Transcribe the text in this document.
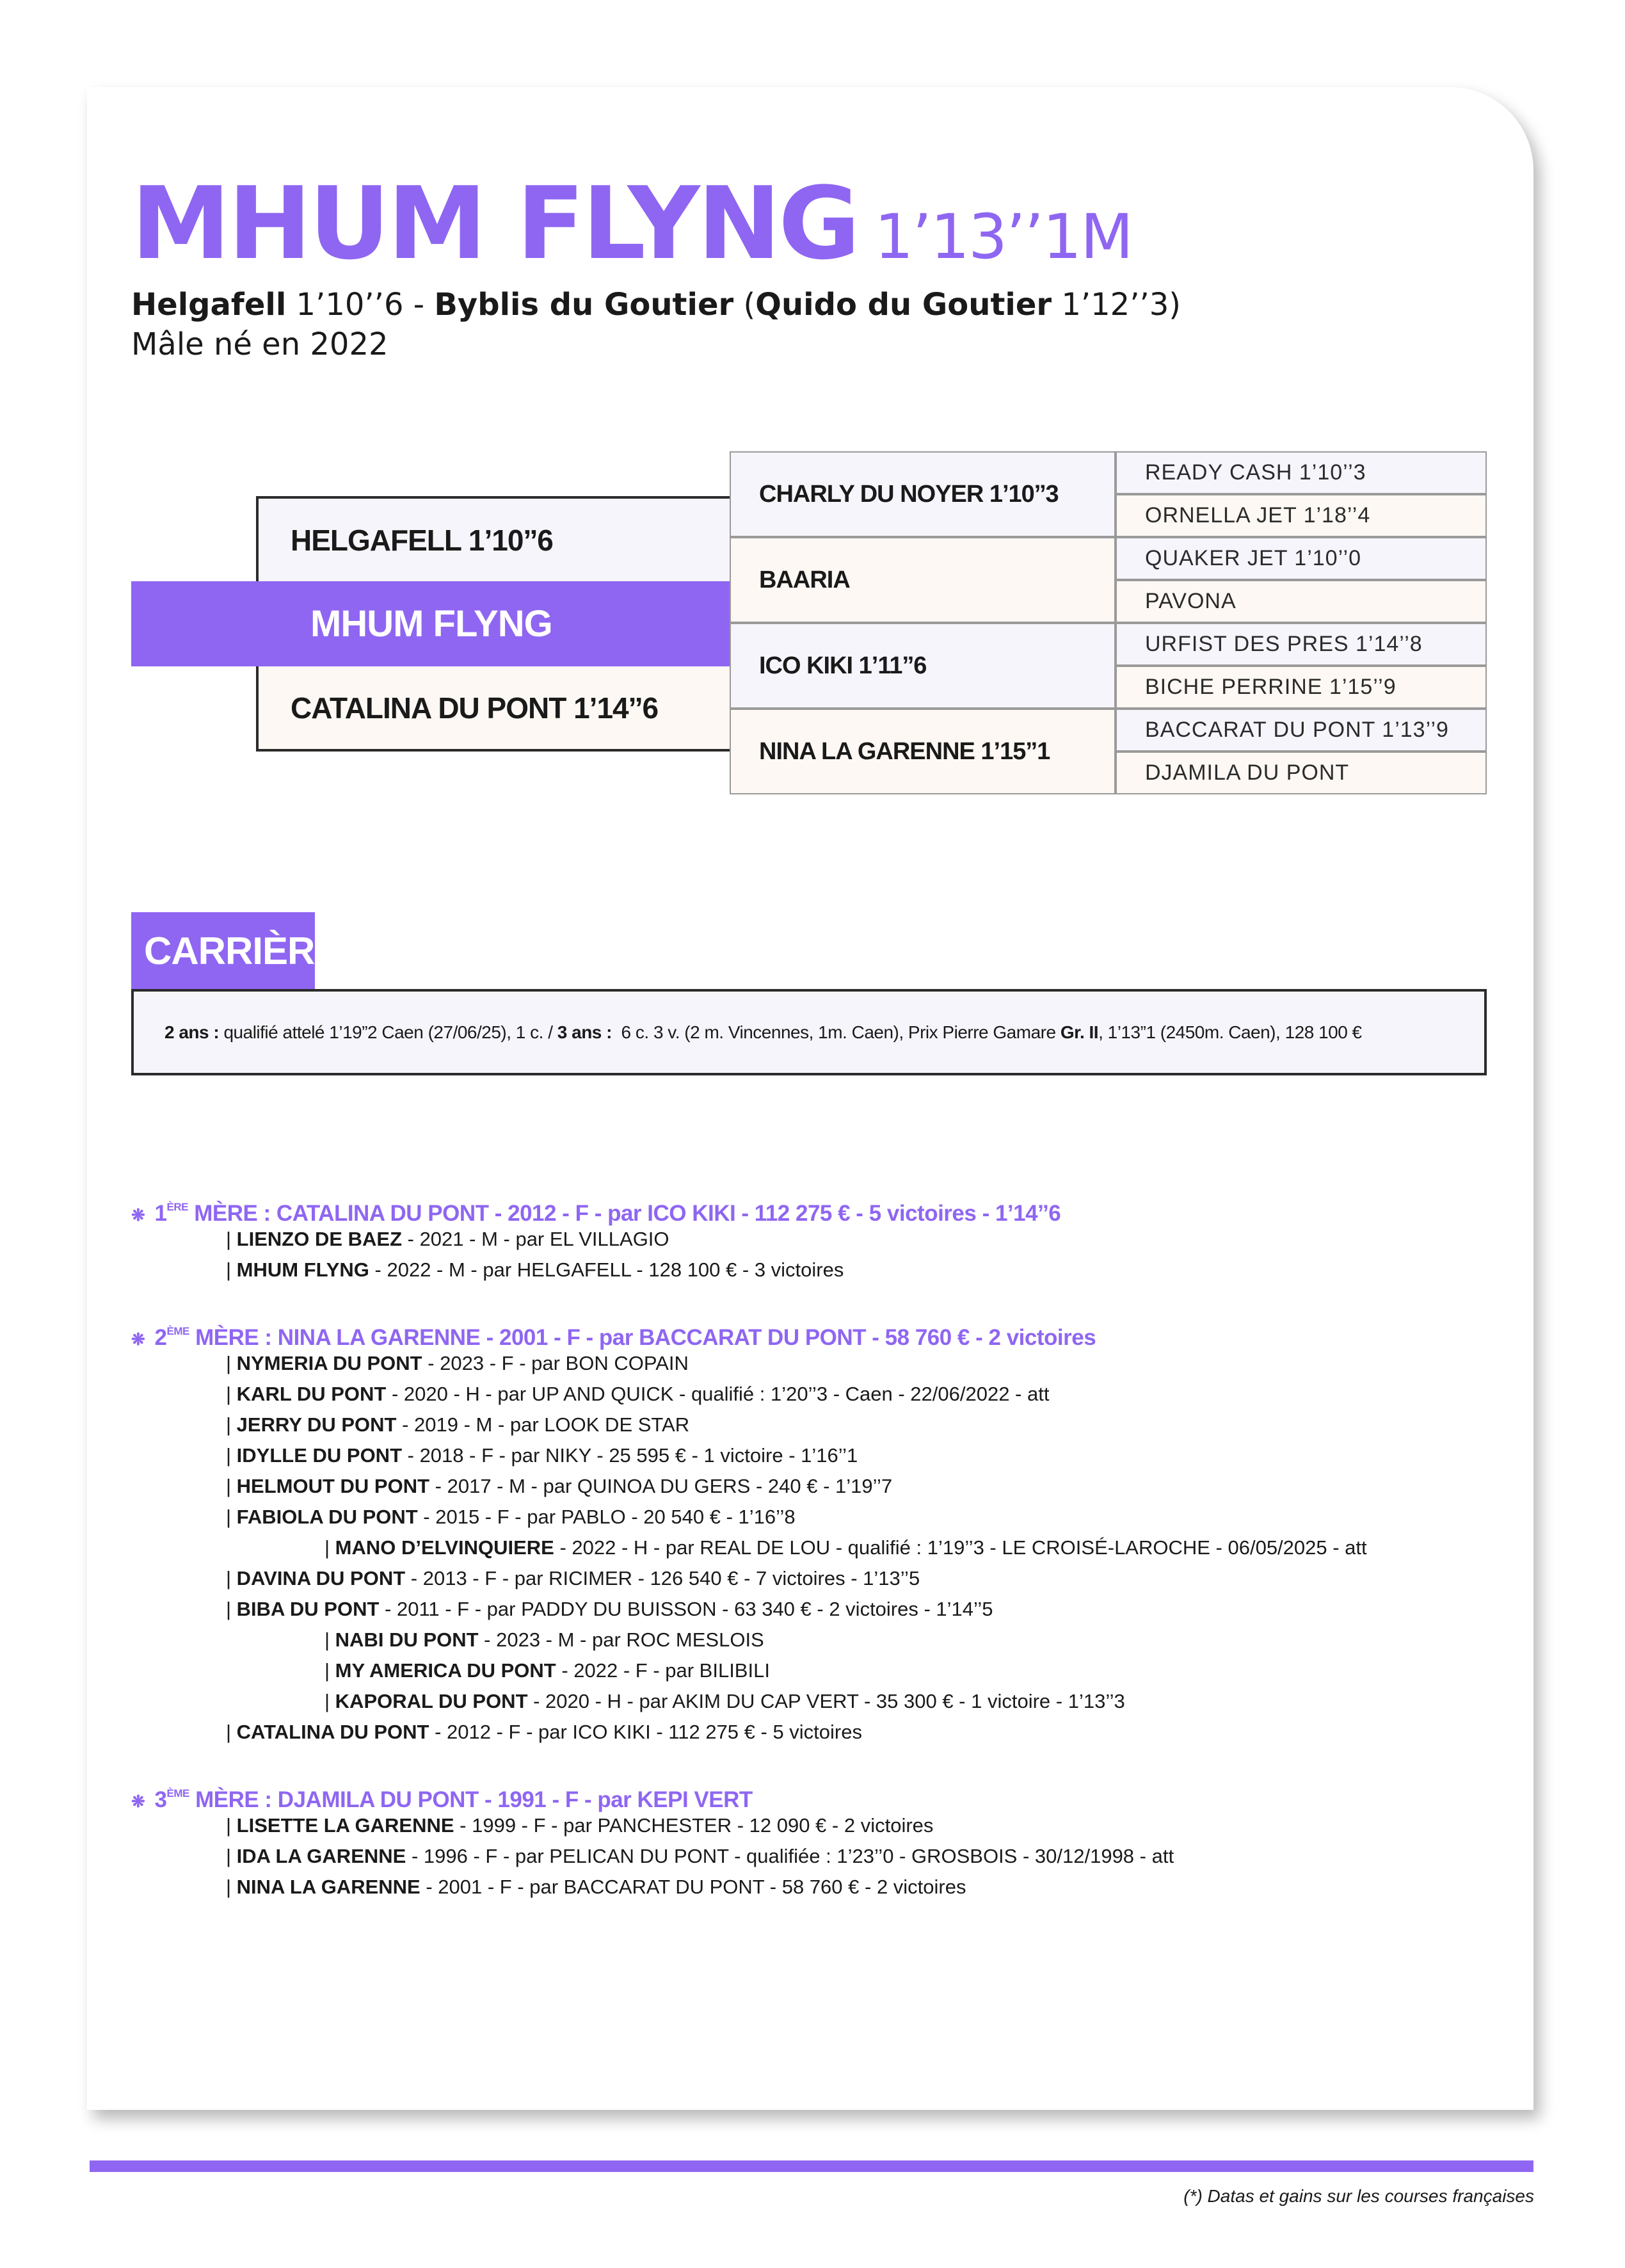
MHUM FLYNG 1’13’’1M
Helgafell 1’10’’6 - Byblis du Goutier (Quido du Goutier 1’12’’3)
Mâle né en 2022
HELGAFELL 1’10’’6
MHUM FLYNG
CATALINA DU PONT 1’14’’6
CHARLY DU NOYER 1’10’’3
BAARIA
ICO KIKI 1’11’’6
NINA LA GARENNE 1’15’’1
READY CASH 1’10’’3
ORNELLA JET 1’18’’4
QUAKER JET 1’10’’0
PAVONA
URFIST DES PRES 1’14’’8
BICHE PERRINE 1’15’’9
BACCARAT DU PONT 1’13’’9
DJAMILA DU PONT
CARRIÈRE
2 ans :
qualifié attelé 1’19”2 Caen (27/06/25), 1 c. /
3 ans :
6 c. 3 v. (2 m. Vincennes, 1m. Caen), Prix Pierre Gamare
Gr. II , 1’13”1 (2450m. Caen), 128 100 €
❋ 1ÈRE MÈRE : CATALINA DU PONT - 2012 - F - par ICO KIKI - 112 275 € - 5 victoires - 1’14’’6
| LIENZO DE BAEZ - 2021 - M - par EL VILLAGIO
| MHUM FLYNG - 2022 - M - par HELGAFELL - 128 100 € - 3 victoires
❋ 2ÈME MÈRE : NINA LA GARENNE - 2001 - F - par BACCARAT DU PONT - 58 760 € - 2 victoires
| NYMERIA DU PONT - 2023 - F - par BON COPAIN
| KARL DU PONT - 2020 - H - par UP AND QUICK - qualifié : 1’20’’3 - Caen - 22/06/2022 - att
| JERRY DU PONT - 2019 - M - par LOOK DE STAR
| IDYLLE DU PONT - 2018 - F - par NIKY - 25 595 € - 1 victoire - 1’16’’1
| HELMOUT DU PONT - 2017 - M - par QUINOA DU GERS - 240 € - 1’19’’7
| FABIOLA DU PONT - 2015 - F - par PABLO - 20 540 € - 1’16’’8
| MANO D’ELVINQUIERE - 2022 - H - par REAL DE LOU - qualifié : 1’19’’3 - LE CROISÉ-LAROCHE - 06/05/2025 - att
| DAVINA DU PONT - 2013 - F - par RICIMER - 126 540 € - 7 victoires - 1’13’’5
| BIBA DU PONT - 2011 - F - par PADDY DU BUISSON - 63 340 € - 2 victoires - 1’14’’5
| NABI DU PONT - 2023 - M - par ROC MESLOIS
| MY AMERICA DU PONT - 2022 - F - par BILIBILI
| KAPORAL DU PONT - 2020 - H - par AKIM DU CAP VERT - 35 300 € - 1 victoire - 1’13’’3
| CATALINA DU PONT - 2012 - F - par ICO KIKI - 112 275 € - 5 victoires
❋ 3ÈME MÈRE : DJAMILA DU PONT - 1991 - F - par KEPI VERT
| LISETTE LA GARENNE - 1999 - F - par PANCHESTER - 12 090 € - 2 victoires
| IDA LA GARENNE - 1996 - F - par PELICAN DU PONT - qualifiée : 1’23’’0 - GROSBOIS - 30/12/1998 - att
| NINA LA GARENNE - 2001 - F - par BACCARAT DU PONT - 58 760 € - 2 victoires
(*) Datas et gains sur les courses françaises
